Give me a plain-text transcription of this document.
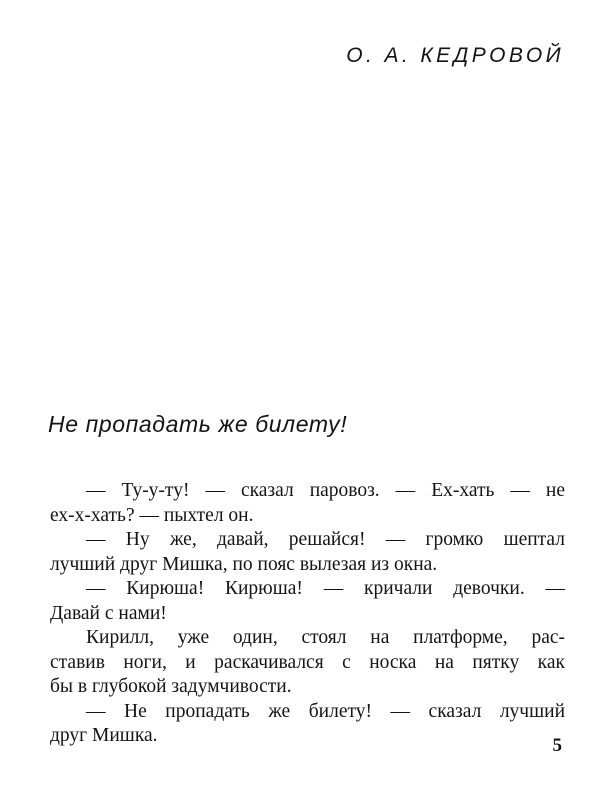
О. А. КЕДРОВОЙ
Не пропадать же билету!
— Ту-у-ту! — сказал паровоз. — Ех-хать — не
ех-х-хать? — пыхтел он.
— Ну же, давай, решайся! — громко шептал
лучший друг Мишка, по пояс вылезая из окна.
— Кирюша! Кирюша! — кричали девочки. —
Давай с нами!
Кирилл, уже один, стоял на платформе, рас-
ставив ноги, и раскачивался с носка на пятку как
бы в глубокой задумчивости.
— Не пропадать же билету! — сказал лучший
друг Мишка.	5
